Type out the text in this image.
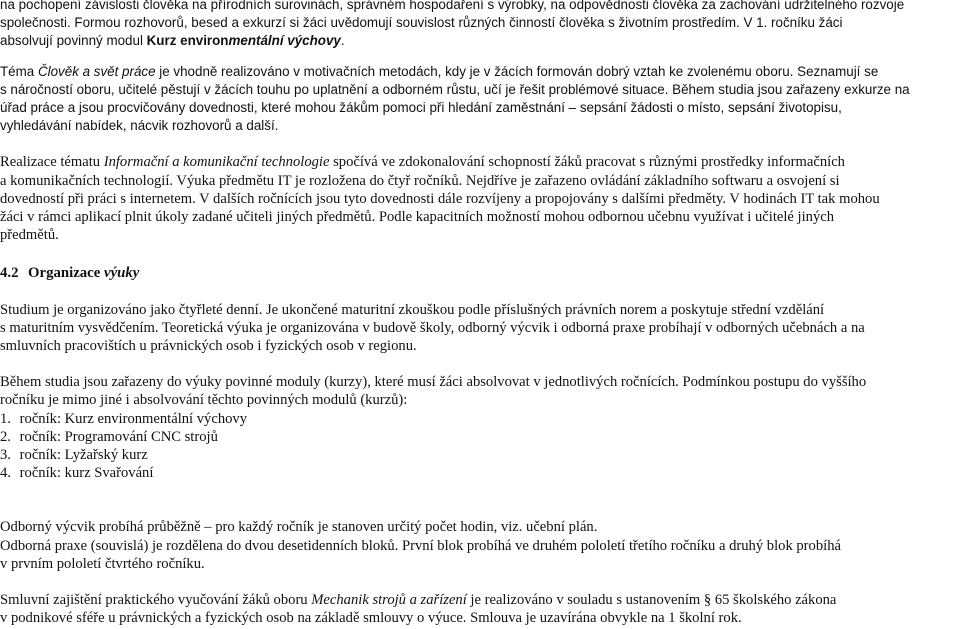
na pochopení závislosti člověka na přírodních surovinách, správném hospodaření s výrobky, na odpovědnosti člověka za zachování udržitelného rozvoje

společnosti. Formou rozhovorů, besed a exkurzí si žáci uvědomují souvislost různých činností člověka s životním prostředím. V 1. ročníku žáci

absolvují povinný modul Kurz environmentální výchovy.

Téma Člověk a svět práce je vhodně realizováno v motivačních metodách, kdy je v žácích formován dobrý vztah ke zvolenému oboru. Seznamují se

s náročností oboru, učitelé pěstují v žácích touhu po uplatnění a odborném růstu, učí je řešit problémové situace. Během studia jsou zařazeny exkurze na

úřad práce a jsou procvičovány dovednosti, které mohou žákům pomoci při hledání zaměstnání – sepsání žádosti o místo, sepsání životopisu,

vyhledávání nabídek, nácvik rozhovorů a další.

Realizace tématu Informační a komunikační technologie spočívá ve zdokonalování schopností žáků pracovat s různými prostředky informačních

a komunikačních technologií. Výuka předmětu IT je rozložena do čtyř ročníků. Nejdříve je zařazeno ovládání základního softwaru a osvojení si

dovedností při práci s internetem. V dalších ročnících jsou tyto dovednosti dále rozvíjeny a propojovány s dalšími předměty. V hodinách IT tak mohou

žáci v rámci aplikací plnit úkoly zadané učiteli jiných předmětů. Podle kapacitních možností mohou odbornou učebnu využívat i učitelé jiných

předmětů.

4.2 Organizace výuky

Studium je organizováno jako čtyřleté denní. Je ukončené maturitní zkouškou podle příslušných právních norem a poskytuje střední vzdělání

s maturitním vysvědčením. Teoretická výuka je organizována v budově školy, odborný výcvik i odborná praxe probíhají v odborných učebnách a na

smluvních pracovištích u právnických osob i fyzických osob v regionu.

Během studia jsou zařazeny do výuky povinné moduly (kurzy), které musí žáci absolvovat v jednotlivých ročnících. Podmínkou postupu do vyššího

ročníku je mimo jiné i absolvování těchto povinných modulů (kurzů):

1. ročník: Kurz environmentální výchovy

2. ročník: Programování CNC strojů

3. ročník: Lyžařský kurz

4. ročník: kurz Svařování

Odborný výcvik probíhá průběžně – pro každý ročník je stanoven určitý počet hodin, viz. učební plán.

Odborná praxe (souvislá) je rozdělena do dvou desetidenních bloků. První blok probíhá ve druhém pololetí třetího ročníku a druhý blok probíhá

v prvním pololetí čtvrtého ročníku.

Smluvní zajištění praktického vyučování žáků oboru Mechanik strojů a zařízení je realizováno v souladu s ustanovením § 65 školského zákona

v podnikové sféře u právnických a fyzických osob na základě smlouvy o výuce. Smlouva je uzavírána obvykle na 1 školní rok.
